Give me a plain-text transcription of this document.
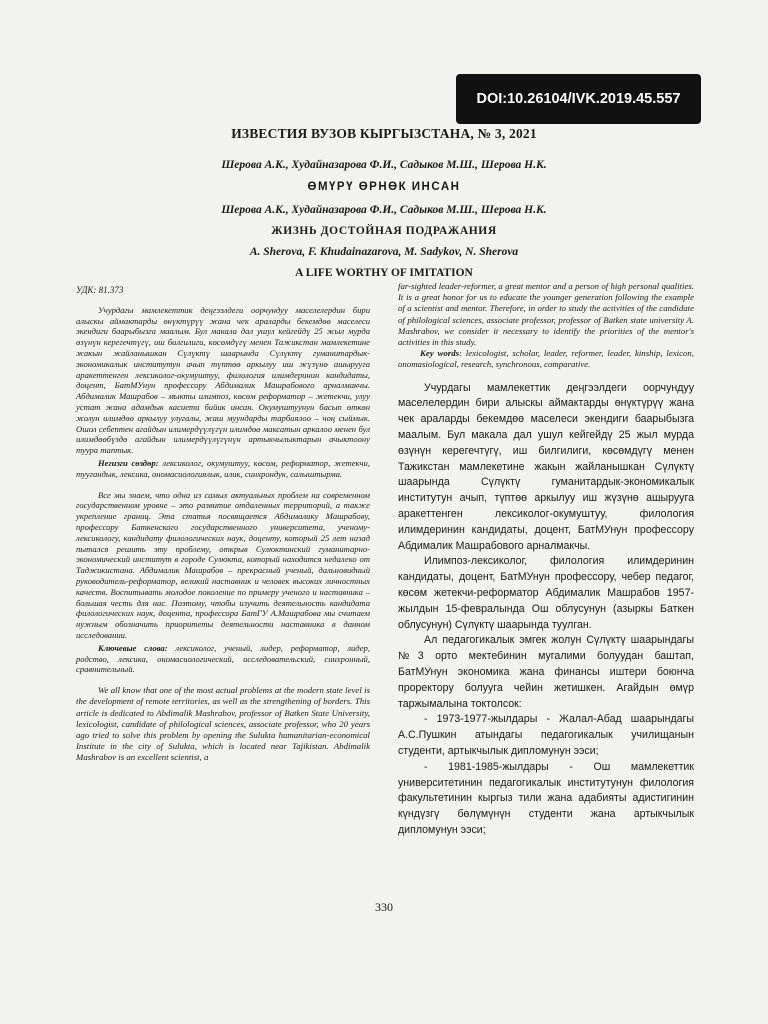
DOI:10.26104/IVK.2019.45.557
ИЗВЕСТИЯ ВУЗОВ КЫРГЫЗСТАНА, № 3, 2021
Шерова А.К., Худайназарова Ф.И., Садыков М.Ш., Шерова Н.К.
ӨМҮРҮ ӨРНӨК ИНСАН
Шерова А.К., Худайназарова Ф.И., Садыков М.Ш., Шерова Н.К.
ЖИЗНЬ ДОСТОЙНАЯ ПОДРАЖАНИЯ
A. Sherova, F. Khudainazarova, M. Sadykov, N. Sherova
A LIFE WORTHY OF IMITATION

УДК: 81.373

Учурдагы мамлекеттик деңгээлдеги оорчундуу маселелердин бири алыскы аймактарды өнүктүрүү жана чек араларды бекемдөө маселеси экендиги баарыбызга маалым. Бул макала дал ушул кейгейдү 25 жыл мурда өзүнүн керегечтүгү, иш билгилиги, көсөмдүгү менен Тажикстан мамлекетине жакын жайланышкан Сүлүктү шаарында Сүлүктү гуманитардык-экономикалык институтун ачып түптөө аркылуу иш жүзүнө ашырууга аракеттенген лексиколог-окумуштуу, филология илимдеринин кандидаты, доцент, БатМУнун профессору Абдималик Машрабового арналмакчы. Абдималик Машрабов – мыкты илимпоз, көсөм реформатор – жетекчи, улуу устат жана адамдык касиети бийик инсан. Окумуштуунун басып өткөн жолун илимдөө аркылуу улугалы, жаш муундарды тарбиялоо – чоң сыймык. Ошол себептен агайдын илимердүүлүгүн илимдөө максатын аркалоо менен бул илимдөөбүздө агайдын илимердүүлүгүнүн артыкчылыктарын ачыктоону туура таптык.

Негизги сөздөр: лексиколог, окумуштуу, көсөм, реформатор, жетекчи, туугандык, лексика, ономасиологиялык, илик, синхрондук, салыштырма.

Все мы знаем, что одна из самых актуальных проблем на современном государственном уровне – это развитие отдаленных территорий, а также укрепление границ. Эта статья посвящается Абдималику Машрабову, профессору Баткенского государственного университета, ученому-лексикологу, кандидату филологических наук, доценту, который 25 лет назад пытался решить эту проблему, открыв Сулюктинский гуманитарно-экономический институт в городе Сулюкта, который находится недалеко от Таджикистана. Абдималик Машрабов – прекрасный ученый, дальновидный руководитель-реформатор, великий наставник и человек высоких личностных качеств. Воспитывать молодое поколение по примеру ученого и наставника – большая честь для нас. Поэтому, чтобы изучить деятельность кандидата филологических наук, доцента, профессора БатГУ А.Машрабова мы считаем нужным обозначить приоритеты деятельности наставника в данном исследовании.

Ключевые слова: лексиколог, ученый, лидер, реформатор, лидер, родство, лексика, ономасиологический, исследовательский, синхронный, сравнительный.

We all know that one of the most actual problems at the modern state level is the development of remote territories, as well as the strengthening of borders. This article is dedicated to Abdimalik Mashrabov, professor of Batken State University, lexicologist, candidate of philological sciences, associate professor, who 20 years ago tried to solve this problem by opening the Sulukta humanitarian-economical Institute in the city of Sulukta, which is located near Tajikistan. Abdimalik Mashrabov is an excellent scientist, a

far-sighted leader-reformer, a great mentor and a person of high personal qualities. It is a great honor for us to educate the younger generation following the example of a scientist and mentor. Therefore, in order to study the activities of the candidate of philological sciences, associate professor, professor of Batken state university A. Mashrabov, we consider it necessary to identify the priorities of the mentor's activities in this study.

Key words: lexicologist, scholar, leader, reformer, leader, kinship, lexicon, onomasiological, research, synchronous, comparative.

Учурдагы мамлекеттик деңгээлдеги оорчундуу маселелердин бири алыскы аймактарды өнүктүрүү жана чек араларды бекемдөө маселеси экендиги баарыбызга маалым. Бул макала дал ушул кейгейдү 25 жыл мурда өзүнүн керегечтүгү, иш билгилиги, көсөмдүгү менен Тажикстан мамлекетине жакын жайланышкан Сүлүктү шаарында Сүлүктү гуманитардык-экономикалык институтун ачып, түптөө аркылуу иш жүзүнө ашырууга аракеттенген лексиколог-окумуштуу, филология илимдеринин кандидаты, доцент, БатМУнун профессору Абдималик Машрабового арналмакчы.

Илимпоз-лексиколог, филология илимдеринин кандидаты, доцент, БатМУнун профессору, чебер педагог, көсөм жетекчи-реформатор Абдималик Машрабов 1957-жылдын 15-февралында Ош облусунун (азыркы Баткен облусунун) Сүлүктү шаарында туулган.

Ал педагогикалык эмгек жолун Сүлүктү шаарындагы №3 орто мектебинин мугалими болуудан баштап, БатМУнун экономика жана финансы иштери боюнча проректору болууга чейин жетишкен. Агайдын өмүр таржымалына токтолсок:

- 1973-1977-жылдары - Жалал-Абад шаарындагы А.С.Пушкин атындагы педагогикалык училищанын студенти, артыкчылык дипломунун ээси;

- 1981-1985-жылдары - Ош мамлекеттик университетинин педагогикалык институтунун филология факультетинин кыргыз тили жана адабияты адистигинин күндүзгү бөлүмүнүн студенти жана артыкчылык дипломунун ээси;

330
